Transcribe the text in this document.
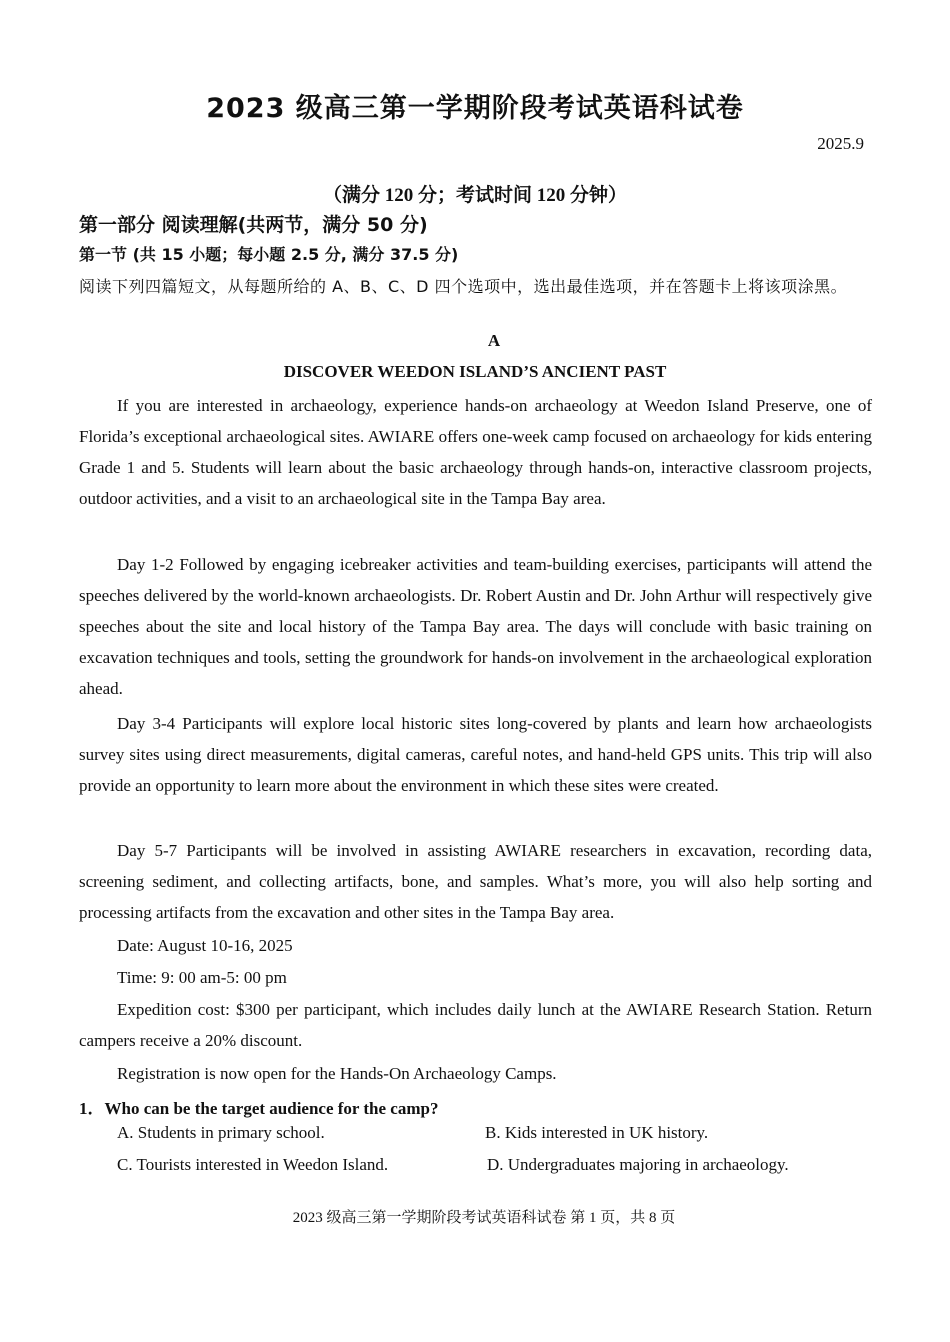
2023 级高三第一学期阶段考试英语科试卷
2025.9
（满分 120 分；考试时间 120 分钟）
第一部分 阅读理解(共两节，满分 50 分)
第一节 (共 15 小题；每小题 2.5 分, 满分 37.5 分)
阅读下列四篇短文，从每题所给的 A、B、C、D 四个选项中，选出最佳选项，并在答题卡上将该项涂黑。
A
DISCOVER WEEDON ISLAND’S ANCIENT PAST

If you are interested in archaeology, experience hands-on archaeology at Weedon Island Preserve, one of Florida’s exceptional archaeological sites. AWIARE offers one-week camp focused on archaeology for kids entering Grade 1 and 5. Students will learn about the basic archaeology through hands-on, interactive classroom projects, outdoor activities, and a visit to an archaeological site in the Tampa Bay area.

Day 1-2 Followed by engaging icebreaker activities and team-building exercises, participants will attend the speeches delivered by the world-known archaeologists. Dr. Robert Austin and Dr. John Arthur will respectively give speeches about the site and local history of the Tampa Bay area. The days will conclude with basic training on excavation techniques and tools, setting the groundwork for hands-on involvement in the archaeological exploration ahead.

Day 3-4 Participants will explore local historic sites long-covered by plants and learn how archaeologists survey sites using direct measurements, digital cameras, careful notes, and hand-held GPS units. This trip will also provide an opportunity to learn more about the environment in which these sites were created.

Day 5-7 Participants will be involved in assisting AWIARE researchers in excavation, recording data, screening sediment, and collecting artifacts, bone, and samples. What’s more, you will also help sorting and processing artifacts from the excavation and other sites in the Tampa Bay area.

Date: August 10-16, 2025

Time: 9: 00 am-5: 00 pm

Expedition cost: $300 per participant, which includes daily lunch at the AWIARE Research Station. Return campers receive a 20% discount.

Registration is now open for the Hands-On Archaeology Camps.

1．Who can be the target audience for the camp?
A. Students in primary school.	B. Kids interested in UK history.
C. Tourists interested in Weedon Island.	D. Undergraduates majoring in archaeology.
2023 级高三第一学期阶段考试英语科试卷 第 1 页，共 8 页
